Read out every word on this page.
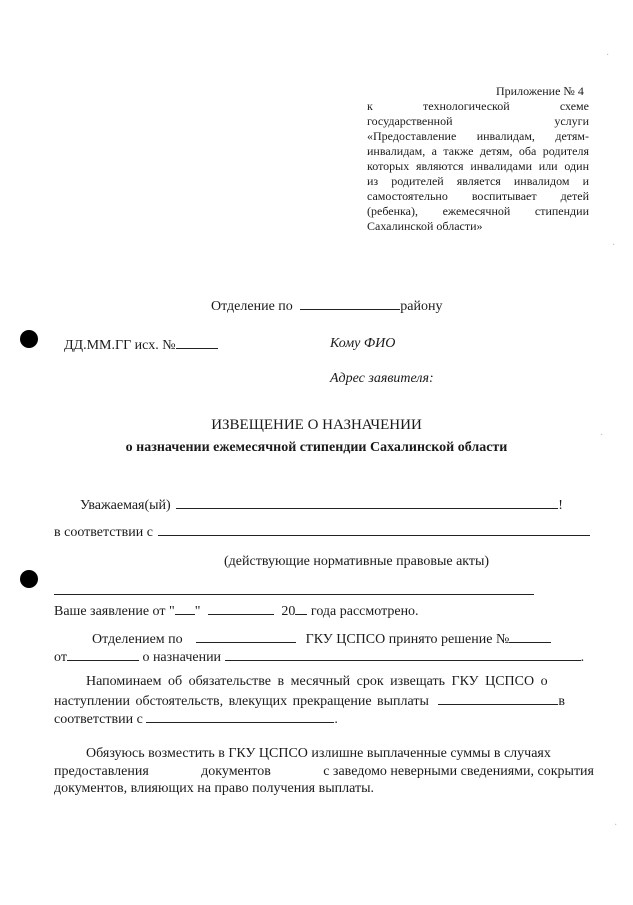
Приложение № 4
к	технологической	схеме
государственной	услуги
«Предоставление инвалидам, детям-
инвалидам, а также детям, оба родителя
которых являются инвалидами или один
из родителей является инвалидом и
самостоятельно воспитывает детей
(ребенка), ежемесячной стипендии
Сахалинской области»
Отделение по	району
ДД.ММ.ГГ исх. №	Кому ФИО
Адрес заявителя:
ИЗВЕЩЕНИЕ О НАЗНАЧЕНИИ
о назначении ежемесячной стипендии Сахалинской области
Уважаемая(ый)	!
в соответствии с
(действующие нормативные правовые акты)
Ваше заявление от " "	20 года рассмотрено.
Отделением по	ГКУ ЦСПСО принято решение №
от	о назначении	.
Напоминаем об обязательстве в месячный срок извещать ГКУ ЦСПСО о
наступлении обстоятельств, влекущих прекращение выплаты	в
соответствии с	.
Обязуюсь возместить в ГКУ ЦСПСО излишне выплаченные суммы в случаях
предоставления	документов	с заведомо неверными сведениями, сокрытия
документов, влияющих на право получения выплаты.
·
·
·
·
